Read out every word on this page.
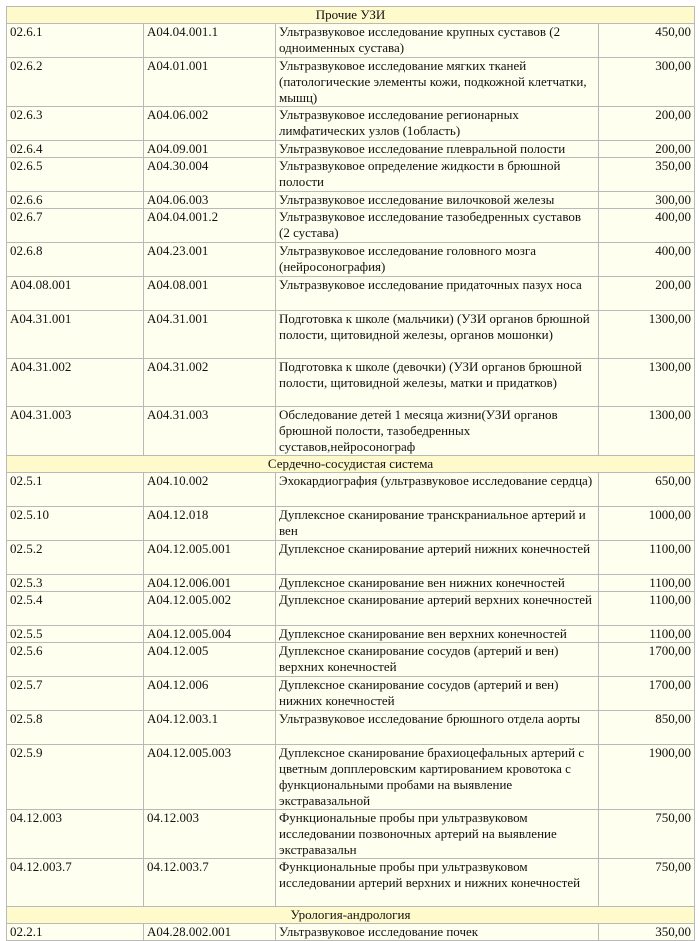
Прочие УЗИ			
02.6.1	А04.04.001.1	Ультразвуковое исследование крупных суставов (2 одноименных сустава)	450,00
02.6.2	А04.01.001	Ультразвуковое исследование мягких тканей (патологические элементы кожи, подкожной клетчатки, мышц)	300,00
02.6.3	А04.06.002	Ультразвуковое исследование регионарных лимфатических узлов (1область)	200,00
02.6.4	А04.09.001	Ультразвуковое исследование плевральной полости	200,00
02.6.5	А04.30.004	Ультразвуковое определение жидкости в брюшной полости	350,00
02.6.6	А04.06.003	Ультразвуковое исследование вилочковой железы	300,00
02.6.7	А04.04.001.2	Ультразвуковое исследование тазобедренных суставов (2 сустава)	400,00
02.6.8	А04.23.001	Ультразвуковое исследование головного мозга (нейросонография)	400,00
A04.08.001	A04.08.001	Ультразвуковое исследование придаточных пазух носа	200,00
A04.31.001	A04.31.001	Подготовка к школе (мальчики) (УЗИ органов брюшной полости, щитовидной железы, органов мошонки)	1300,00
A04.31.002	A04.31.002	Подготовка к школе (девочки) (УЗИ органов брюшной полости, щитовидной железы, матки и придатков)	1300,00
A04.31.003	A04.31.003	Обследование детей 1 месяца жизни(УЗИ органов брюшной полости, тазобедренных суставов,нейросонограф	1300,00
Сердечно-сосудистая система			
02.5.1	А04.10.002	Эхокардиография (ультразвуковое исследование сердца)	650,00
02.5.10	А04.12.018	Дуплексное сканирование транскраниальное артерий и вен	1000,00
02.5.2	А04.12.005.001	Дуплексное сканирование артерий нижних конечностей	1100,00
02.5.3	А04.12.006.001	Дуплексное сканирование вен нижних конечностей	1100,00
02.5.4	А04.12.005.002	Дуплексное сканирование артерий верхних конечностей	1100,00
02.5.5	А04.12.005.004	Дуплексное сканирование вен верхних конечностей	1100,00
02.5.6	А04.12.005	Дуплексное сканирование сосудов (артерий и вен) верхних конечностей	1700,00
02.5.7	А04.12.006	Дуплексное сканирование сосудов (артерий и вен) нижних конечностей	1700,00
02.5.8	А04.12.003.1	Ультразвуковое исследование брюшного отдела аорты	850,00
02.5.9	А04.12.005.003	Дуплексное сканирование брахиоцефальных артерий с цветным допплеровским картированием кровотока с функциональными пробами на выявление экстравазальной	1900,00
04.12.003	04.12.003	Функциональные пробы при ультразвуковом исследовании позвоночных артерий на выявление экстравазальн	750,00
04.12.003.7	04.12.003.7	Функциональные пробы при ультразвуковом исследовании артерий верхних и нижних конечностей	750,00
Урология-андрология			
02.2.1	А04.28.002.001	Ультразвуковое исследование почек	350,00
